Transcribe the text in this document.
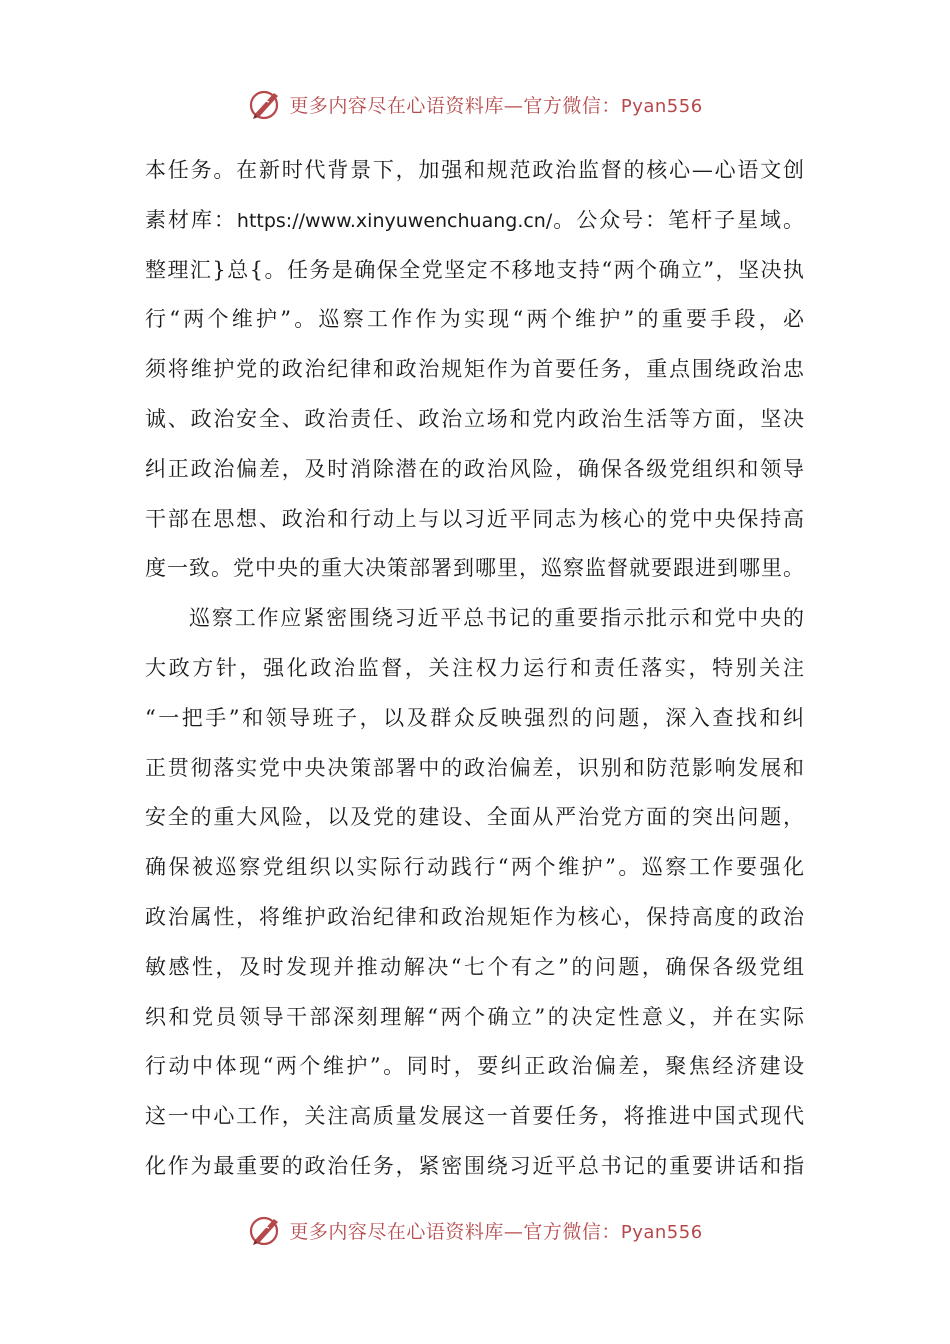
更多内容尽在心语资料库—官方微信：Pyan556
本任务。在新时代背景下，加强和规范政治监督的核心—心语文创
素材库：https://www.xinyuwenchuang.cn/。公众号：笔杆子星域。
整理汇}总{。任务是确保全党坚定不移地支持“两个确立”，坚决执
行“两个维护”。巡察工作作为实现“两个维护”的重要手段，必
须将维护党的政治纪律和政治规矩作为首要任务，重点围绕政治忠
诚、政治安全、政治责任、政治立场和党内政治生活等方面，坚决
纠正政治偏差，及时消除潜在的政治风险，确保各级党组织和领导
干部在思想、政治和行动上与以习近平同志为核心的党中央保持高
度一致。党中央的重大决策部署到哪里，巡察监督就要跟进到哪里。
巡察工作应紧密围绕习近平总书记的重要指示批示和党中央的
大政方针，强化政治监督，关注权力运行和责任落实，特别关注
“一把手”和领导班子，以及群众反映强烈的问题，深入查找和纠
正贯彻落实党中央决策部署中的政治偏差，识别和防范影响发展和
安全的重大风险，以及党的建设、全面从严治党方面的突出问题，
确保被巡察党组织以实际行动践行“两个维护”。巡察工作要强化
政治属性，将维护政治纪律和政治规矩作为核心，保持高度的政治
敏感性，及时发现并推动解决“七个有之”的问题，确保各级党组
织和党员领导干部深刻理解“两个确立”的决定性意义，并在实际
行动中体现“两个维护”。同时，要纠正政治偏差，聚焦经济建设
这一中心工作，关注高质量发展这一首要任务，将推进中国式现代
化作为最重要的政治任务，紧密围绕习近平总书记的重要讲话和指
更多内容尽在心语资料库—官方微信：Pyan556
